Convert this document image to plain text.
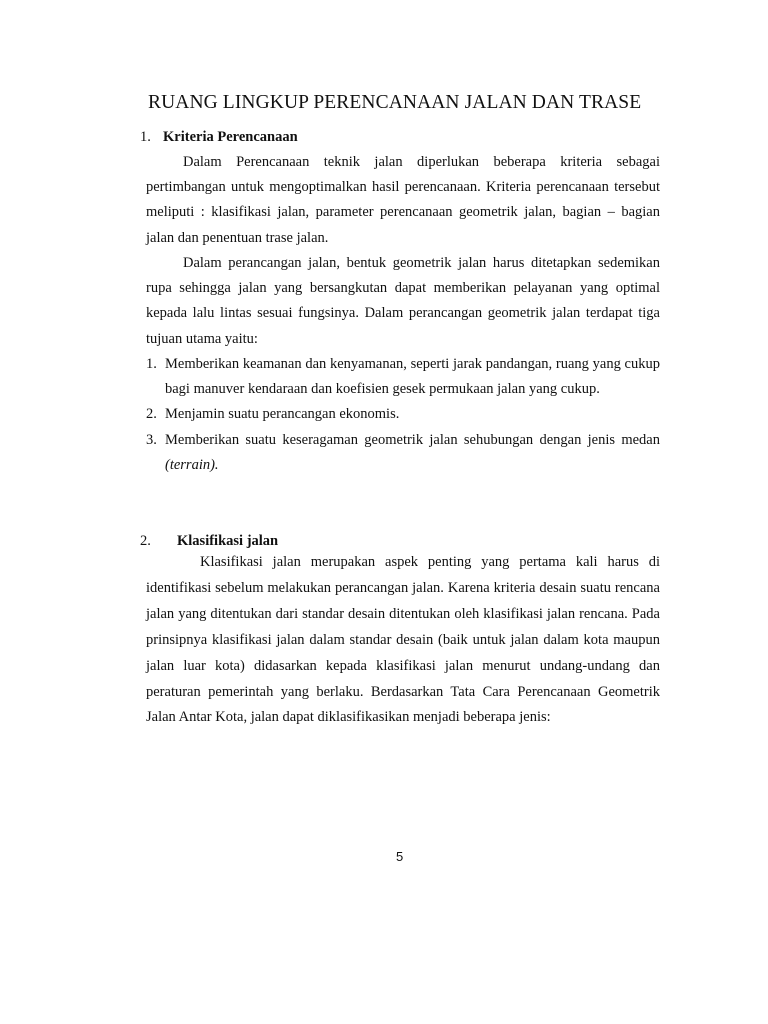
RUANG LINGKUP PERENCANAAN JALAN DAN TRASE
1. Kriteria Perencanaan

Dalam Perencanaan teknik jalan diperlukan beberapa kriteria sebagai pertimbangan untuk mengoptimalkan hasil perencanaan. Kriteria perencanaan tersebut meliputi : klasifikasi jalan, parameter perencanaan geometrik jalan, bagian – bagian jalan dan penentuan trase jalan.

Dalam perancangan jalan, bentuk geometrik jalan harus ditetapkan sedemikan rupa sehingga jalan yang bersangkutan dapat memberikan pelayanan yang optimal kepada lalu lintas sesuai fungsinya. Dalam perancangan geometrik jalan terdapat tiga tujuan utama yaitu:

1. Memberikan keamanan dan kenyamanan, seperti jarak pandangan, ruang yang cukup bagi manuver kendaraan dan koefisien gesek permukaan jalan yang cukup.
2. Menjamin suatu perancangan ekonomis.
3. Memberikan suatu keseragaman geometrik jalan sehubungan dengan jenis medan (terrain).
2. Klasifikasi jalan

Klasifikasi jalan merupakan aspek penting yang pertama kali harus di identifikasi sebelum melakukan perancangan jalan. Karena kriteria desain suatu rencana jalan yang ditentukan dari standar desain ditentukan oleh klasifikasi jalan rencana. Pada prinsipnya klasifikasi jalan dalam standar desain (baik untuk jalan dalam kota maupun jalan luar kota) didasarkan kepada klasifikasi jalan menurut undang-undang dan peraturan pemerintah yang berlaku. Berdasarkan Tata Cara Perencanaan Geometrik Jalan Antar Kota, jalan dapat diklasifikasikan menjadi beberapa jenis:

5
